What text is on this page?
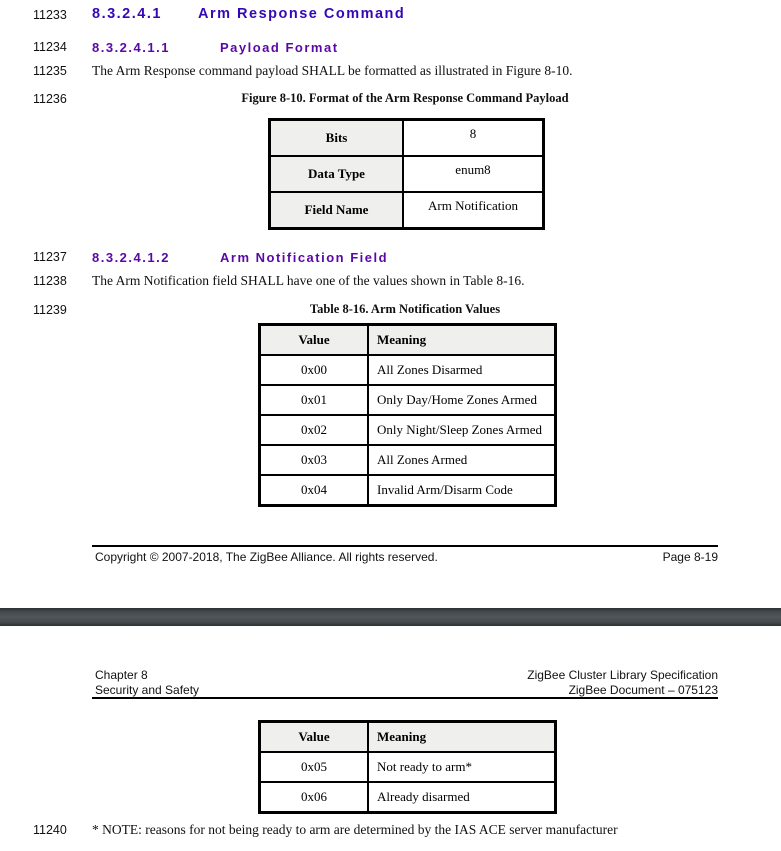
11233 8.3.2.4.1 Arm Response Command
11234 8.3.2.4.1.1	Payload Format
11235 The Arm Response command payload SHALL be formatted as illustrated in Figure 8-10.
11236	Figure 8-10. Format of the Arm Response Command Payload
Bits	8
Data Type	enum8
Field Name	Arm Notification
11237 8.3.2.4.1.2	Arm Notification Field
11238 The Arm Notification field SHALL have one of the values shown in Table 8-16.
11239	Table 8-16. Arm Notification Values
Value	Meaning
0x00	All Zones Disarmed
0x01	Only Day/Home Zones Armed
0x02	Only Night/Sleep Zones Armed
0x03	All Zones Armed
0x04	Invalid Arm/Disarm Code
Copyright © 2007-2018, The ZigBee Alliance. All rights reserved.	Page 8-19
Chapter 8
Security and Safety
ZigBee Cluster Library Specification
ZigBee Document – 075123
Value	Meaning
0x05	Not ready to arm*
0x06	Already disarmed
11240 * NOTE: reasons for not being ready to arm are determined by the IAS ACE server manufacturer
